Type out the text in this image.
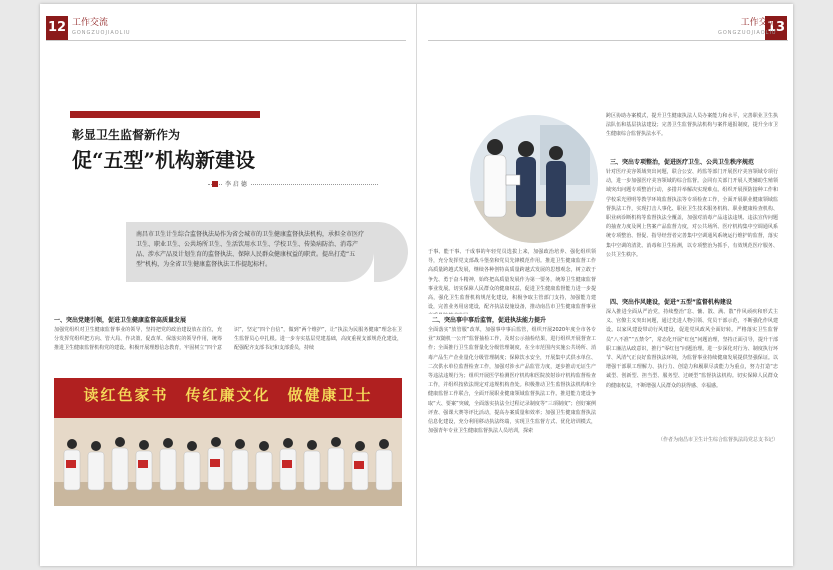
12 工作交流
GONGZUOJIAOLIU
彰显卫生监督新作为
促“五型”机构新建设
李 启 德
南昌市卫生计生综合监督执法局作为省会城市的卫生健康监督执法机构，承担全市医疗卫生、职业卫生、公共场所卫生、生活饮用水卫生、学校卫生、传染病防治、消毒产品、涉水产品及计划生育的监督执法、保障人民群众健康权益的职责。提出打造“五型”机构，为全省卫生健康监督执法工作提起标杆。
一、突出党建引领，促进卫生健康监督高质量发展
加强党组织对卫生健康监督事业的领导，坚持把党的政治建设放在首位，充分发挥党组织把方向、管大局、作决策、促改革、保落实的领导作用，统筹推进卫生健康监督机构党的建设。积极开展理想信念教育，牢固树立“四个意识”，坚定“四个自信”，做到“两个维护”，让“执法为民服务健康”理念在卫生监督员心中扎根。进一步夯实基层党建基础，高度重视支部规范化建设，配强配齐支部书记和支部委员，持续
读红色家书　传红廉文化　做健康卫士
13
工作交流
GONGZUOJIAOLIU
于事、能干事、干成事的年轻党员选拔上来，加强政治培养、强化组织领导，充分发挥党支部战斗堡垒和党员先锋模范作用。推进卫生健康监督工作高质量跨越式发展，继续各种创特高质量跨越式发展的思想观念，树立敢于争先、勇于奋斗精神，始终把高质量发展作为第一要务，统筹卫生健康监督事业发展。切实保障人民群众的健康权益，促进卫生健康监督能力进一步提高，强化卫生监督机构规范化建设，积极争取主管部门支持，加强能力建设，完善业务用房建设，配齐执法设施设备，推动南昌市卫生健康监督事业
二、突出事中事后监管，促进执法能力提升
全面落实“放管服”改革，加强事中事后监管，组织开展2020年度全市各专业“双随机一公开”监督抽检工作，及时公示抽检结果，进行组织开展督查工作；全面推行卫生监督量化分级管理制度，在全市范围内实施公共场所、消毒产品生产企业量化分级管理制度；保障饮水安全，开展集中式供水单位、二次供水单位监督检查工作，加强对涉水产品监管力度，逐步推动无证生产等违法违规行为；组织开展医学检测医疗机构和医院放射诊疗机构监督检查工作，并组织按依法规定对违规机构查处。积极推动卫生监督执法机构和全健康监督工作联合，全面开展职业健康领域监督执法工作。推进能力建设争取“大、要案”突破，全面落实执法全过程记录制度等“三项制度”；创好案例评查、强课大赛等评比活动，提高办案质量和效率；加强卫生健康监督执法信息化建设，充分利用移动执法终端，实现卫生监督方式、优化培训模式，加强青年专业卫生健康监督执法人员培训，探索
跨区协助办案模式，提升卫生健康执法人员办案能力和水平，完善职业卫生执法队伍和基层执法建设；完善卫生监督执法机构与案件通报制度，提升全市卫生健康综合监督执法水平。
三、突出专项整治，促进医疗卫生、公共卫生秩序规范
针对医疗美容领域突出问题，联合公安、药监等部门开展医疗美容领域专项行动，进一步加强医疗美容领域的综合监督。会同有关部门开展人类辅助生殖领域突出问题专项整治行动，多措并举解决实现难点。组织开展预防接种工作和学校采光照明等教学环境监督执法等专项检查工作，全面开展职业健康领域监督执法工作，实现打击人事化、职业卫生技术服务机构、职业健康检查机构、职业病诊断机构等监督执法全覆盖，加强对消毒产品违法违规、违法宣传问题的抽查力度及网上售案产品监督力度，对公共场所、医疗机构集中空调通风系统专项整治、督促、指导经营者完善集中空调通风系统运行维护的监督，落实集中空调的清洗、消毒和卫生检测，以专项整治为抓手，有效规范医疗服务、公共卫生秩序。
四、突出作风建设，促进“五型”监督机构建设
深入推进全面从严治党，持续整治“怠、慵、散、满、散”作风顽疾和形式主义、官僚主义突出问题，通过先进人物引领、党员干部示范，不断强化作风建设。以家风建设带动行风建设，促进党风政风全面好转。严格落实卫生监督员“八不准”“五禁令”，常态化开展“红包”问题治理，坚持正面引导，提升干部职工廉洁从政意识，推行“零红包”问题治理。进一步深化对行为、制度执行环节、风清气正良好监督执法环境，为监督事业持续健康发展提供坚强保证。以增强干部职工理解力、执行力、创造力和履职尽责能力为重点，努力打造“忠诚型、创新型、担当型、服务型、过硬型”监督执法机构。切实保障人民群众的健康权益，不断增强人民群众的获得感、幸福感。
（作者为南昌市卫生计生综合监督执法局党总支书记）
